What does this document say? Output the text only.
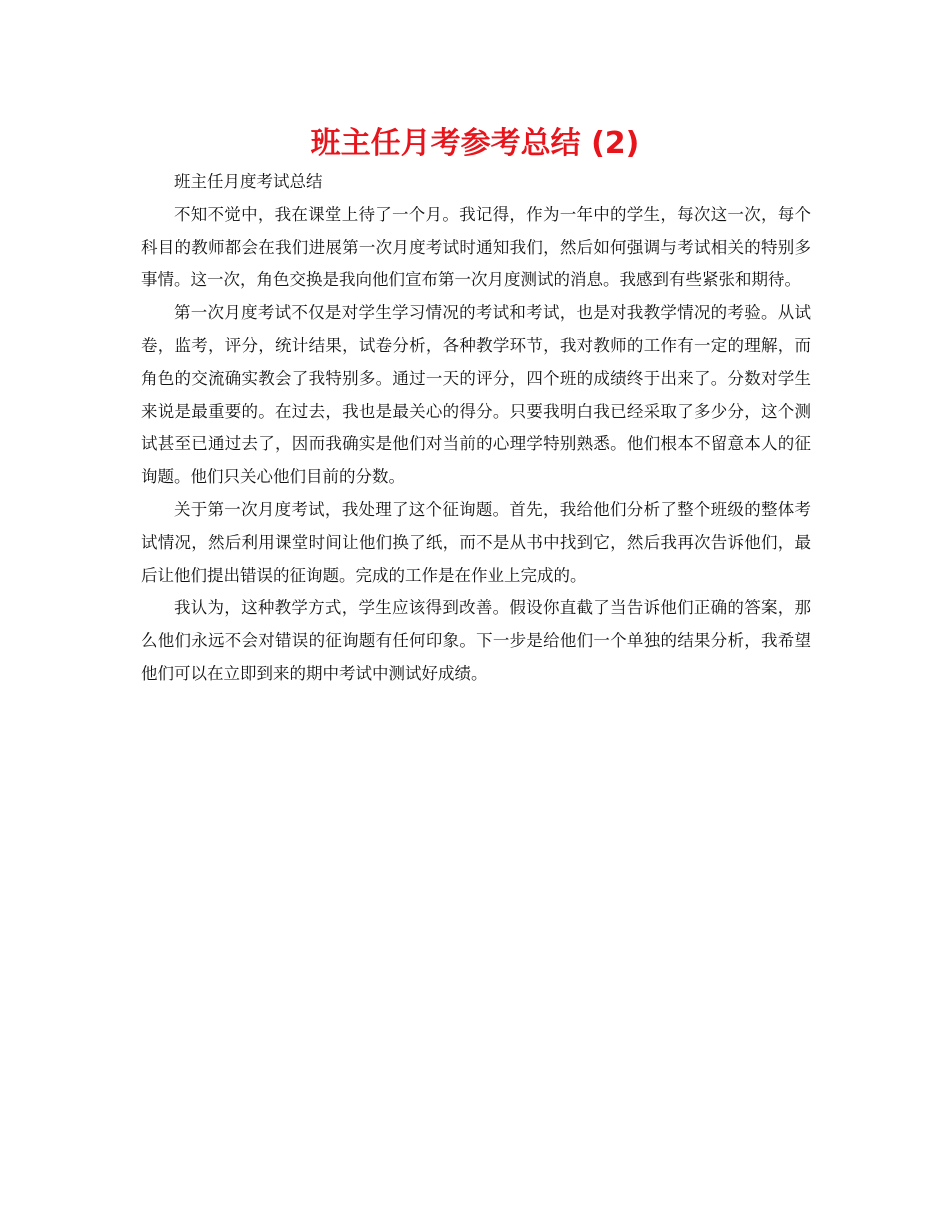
班主任月考参考总结 (2)

班主任月度考试总结

不知不觉中，我在课堂上待了一个月。我记得，作为一年中的学生，每次这一次，每个科目的教师都会在我们进展第一次月度考试时通知我们，然后如何强调与考试相关的特别多事情。这一次，角色交换是我向他们宣布第一次月度测试的消息。我感到有些紧张和期待。

第一次月度考试不仅是对学生学习情况的考试和考试，也是对我教学情况的考验。从试卷，监考，评分，统计结果，试卷分析，各种教学环节，我对教师的工作有一定的理解，而角色的交流确实教会了我特别多。通过一天的评分，四个班的成绩终于出来了。分数对学生来说是最重要的。在过去，我也是最关心的得分。只要我明白我已经采取了多少分，这个测试甚至已通过去了，因而我确实是他们对当前的心理学特别熟悉。他们根本不留意本人的征询题。他们只关心他们目前的分数。

关于第一次月度考试，我处理了这个征询题。首先，我给他们分析了整个班级的整体考试情况，然后利用课堂时间让他们换了纸，而不是从书中找到它，然后我再次告诉他们，最后让他们提出错误的征询题。完成的工作是在作业上完成的。

我认为，这种教学方式，学生应该得到改善。假设你直截了当告诉他们正确的答案，那么他们永远不会对错误的征询题有任何印象。下一步是给他们一个单独的结果分析，我希望他们可以在立即到来的期中考试中测试好成绩。
